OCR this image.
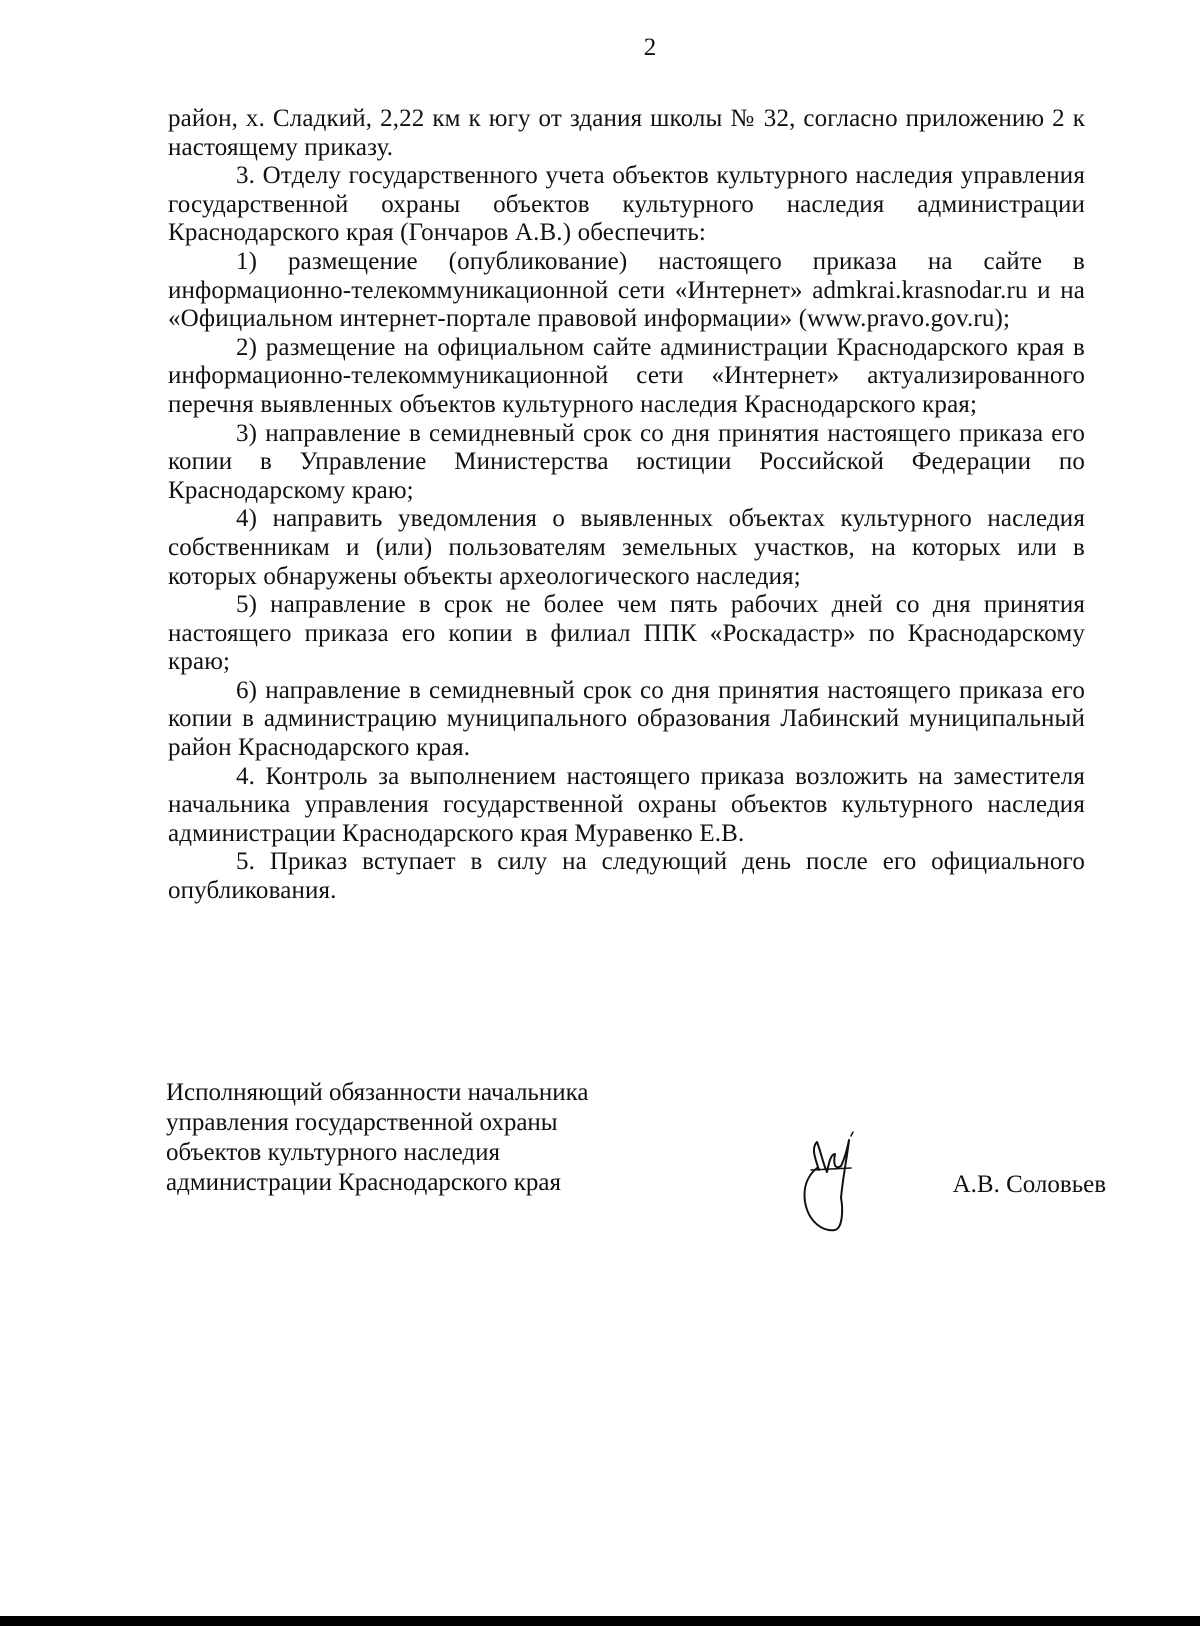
2

район, х. Сладкий, 2,22 км к югу от здания школы № 32, согласно приложению 2 к настоящему приказу.

3. Отделу государственного учета объектов культурного наследия управления государственной охраны объектов культурного наследия администрации Краснодарского края (Гончаров А.В.) обеспечить:

1) размещение (опубликование) настоящего приказа на сайте в информационно-телекоммуникационной сети «Интернет» admkrai.krasnodar.ru и на «Официальном интернет-портале правовой информации» (www.pravo.gov.ru);

2) размещение на официальном сайте администрации Краснодарского края в информационно-телекоммуникационной сети «Интернет» актуализированного перечня выявленных объектов культурного наследия Краснодарского края;

3) направление в семидневный срок со дня принятия настоящего приказа его копии в Управление Министерства юстиции Российской Федерации по Краснодарскому краю;

4) направить уведомления о выявленных объектах культурного наследия собственникам и (или) пользователям земельных участков, на которых или в которых обнаружены объекты археологического наследия;

5) направление в срок не более чем пять рабочих дней со дня принятия настоящего приказа его копии в филиал ППК «Роскадастр» по Краснодарскому краю;

6) направление в семидневный срок со дня принятия настоящего приказа его копии в администрацию муниципального образования Лабинский муниципальный район Краснодарского края.

4. Контроль за выполнением настоящего приказа возложить на заместителя начальника управления государственной охраны объектов культурного наследия администрации Краснодарского края Муравенко Е.В.

5. Приказ вступает в силу на следующий день после его официального опубликования.

Исполняющий обязанности начальника
управления государственной охраны
объектов культурного наследия
администрации Краснодарского края	А.В. Соловьев
